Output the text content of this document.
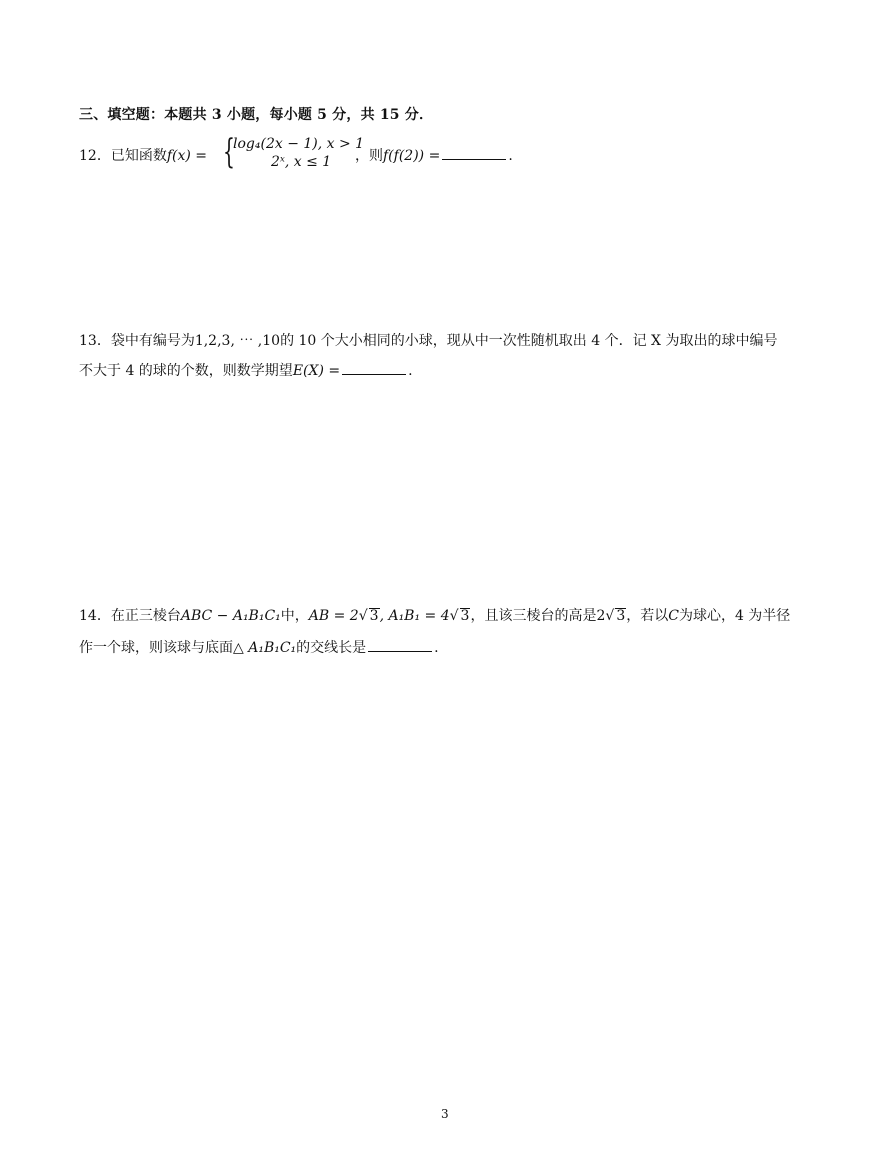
三、填空题：本题共 3 小题，每小题 5 分，共 15 分．
12．已知函数f(x) = {
log₄(2x − 1), x > 1
2ˣ, x ≤ 1 ，则f(f(2)) =	.
13．袋中有编号为1,2,3, ⋯ ,10的 10 个大小相同的小球，现从中一次性随机取出 4 个．记 X 为取出的球中编号
不大于 4 的球的个数，则数学期望E(X) =	.
14．在正三棱台ABC − A₁B₁C₁中，AB = 2√ 3, A₁B₁ = 4√ 3，且该三棱台的高是2√ 3，若以C为球心，4 为半径
作一个球，则该球与底面△ A₁B₁C₁的交线长是	.
3
